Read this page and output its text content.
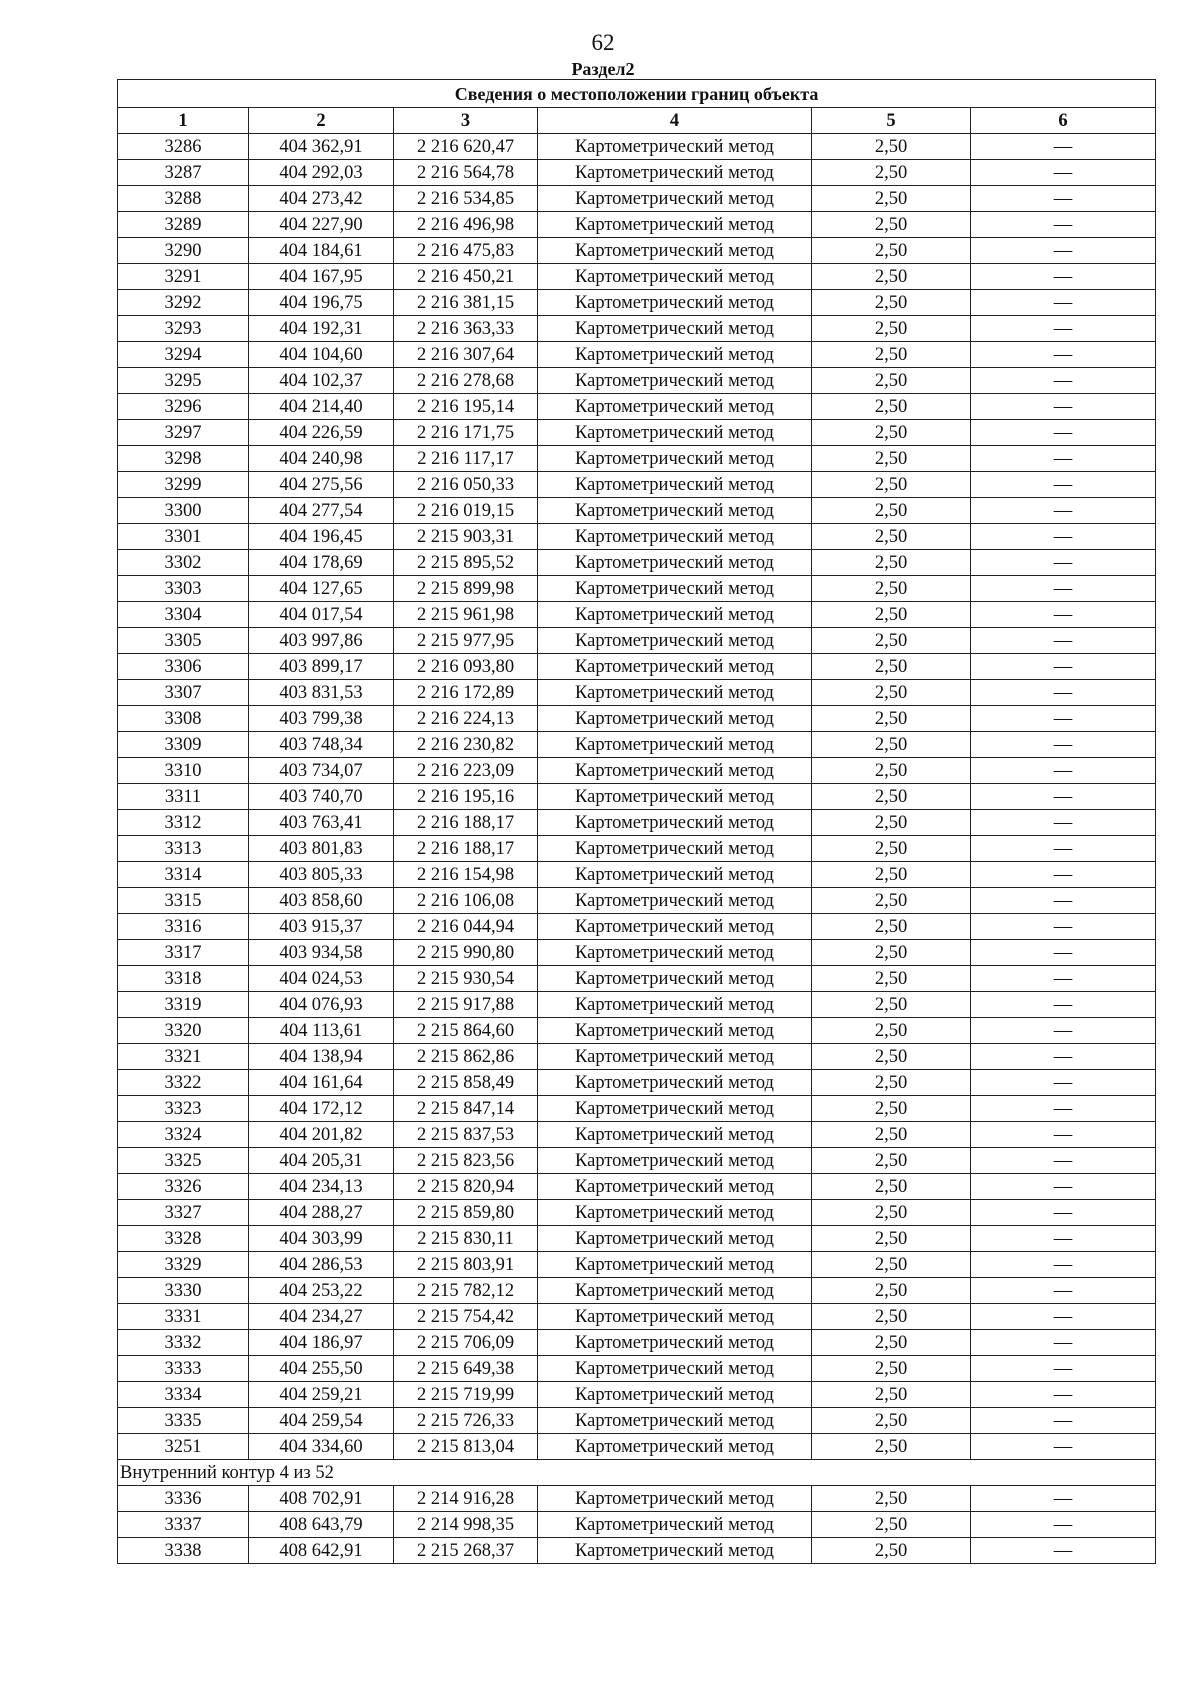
62
Раздел2
Сведения о местоположении границ объекта					
1	2	3	4	5	6
3286	404 362,91	2 216 620,47	Картометрический метод	2,50	—
3287	404 292,03	2 216 564,78	Картометрический метод	2,50	—
3288	404 273,42	2 216 534,85	Картометрический метод	2,50	—
3289	404 227,90	2 216 496,98	Картометрический метод	2,50	—
3290	404 184,61	2 216 475,83	Картометрический метод	2,50	—
3291	404 167,95	2 216 450,21	Картометрический метод	2,50	—
3292	404 196,75	2 216 381,15	Картометрический метод	2,50	—
3293	404 192,31	2 216 363,33	Картометрический метод	2,50	—
3294	404 104,60	2 216 307,64	Картометрический метод	2,50	—
3295	404 102,37	2 216 278,68	Картометрический метод	2,50	—
3296	404 214,40	2 216 195,14	Картометрический метод	2,50	—
3297	404 226,59	2 216 171,75	Картометрический метод	2,50	—
3298	404 240,98	2 216 117,17	Картометрический метод	2,50	—
3299	404 275,56	2 216 050,33	Картометрический метод	2,50	—
3300	404 277,54	2 216 019,15	Картометрический метод	2,50	—
3301	404 196,45	2 215 903,31	Картометрический метод	2,50	—
3302	404 178,69	2 215 895,52	Картометрический метод	2,50	—
3303	404 127,65	2 215 899,98	Картометрический метод	2,50	—
3304	404 017,54	2 215 961,98	Картометрический метод	2,50	—
3305	403 997,86	2 215 977,95	Картометрический метод	2,50	—
3306	403 899,17	2 216 093,80	Картометрический метод	2,50	—
3307	403 831,53	2 216 172,89	Картометрический метод	2,50	—
3308	403 799,38	2 216 224,13	Картометрический метод	2,50	—
3309	403 748,34	2 216 230,82	Картометрический метод	2,50	—
3310	403 734,07	2 216 223,09	Картометрический метод	2,50	—
3311	403 740,70	2 216 195,16	Картометрический метод	2,50	—
3312	403 763,41	2 216 188,17	Картометрический метод	2,50	—
3313	403 801,83	2 216 188,17	Картометрический метод	2,50	—
3314	403 805,33	2 216 154,98	Картометрический метод	2,50	—
3315	403 858,60	2 216 106,08	Картометрический метод	2,50	—
3316	403 915,37	2 216 044,94	Картометрический метод	2,50	—
3317	403 934,58	2 215 990,80	Картометрический метод	2,50	—
3318	404 024,53	2 215 930,54	Картометрический метод	2,50	—
3319	404 076,93	2 215 917,88	Картометрический метод	2,50	—
3320	404 113,61	2 215 864,60	Картометрический метод	2,50	—
3321	404 138,94	2 215 862,86	Картометрический метод	2,50	—
3322	404 161,64	2 215 858,49	Картометрический метод	2,50	—
3323	404 172,12	2 215 847,14	Картометрический метод	2,50	—
3324	404 201,82	2 215 837,53	Картометрический метод	2,50	—
3325	404 205,31	2 215 823,56	Картометрический метод	2,50	—
3326	404 234,13	2 215 820,94	Картометрический метод	2,50	—
3327	404 288,27	2 215 859,80	Картометрический метод	2,50	—
3328	404 303,99	2 215 830,11	Картометрический метод	2,50	—
3329	404 286,53	2 215 803,91	Картометрический метод	2,50	—
3330	404 253,22	2 215 782,12	Картометрический метод	2,50	—
3331	404 234,27	2 215 754,42	Картометрический метод	2,50	—
3332	404 186,97	2 215 706,09	Картометрический метод	2,50	—
3333	404 255,50	2 215 649,38	Картометрический метод	2,50	—
3334	404 259,21	2 215 719,99	Картометрический метод	2,50	—
3335	404 259,54	2 215 726,33	Картометрический метод	2,50	—
3251	404 334,60	2 215 813,04	Картометрический метод	2,50	—
Внутренний контур 4 из 52					
3336	408 702,91	2 214 916,28	Картометрический метод	2,50	—
3337	408 643,79	2 214 998,35	Картометрический метод	2,50	—
3338	408 642,91	2 215 268,37	Картометрический метод	2,50	—
